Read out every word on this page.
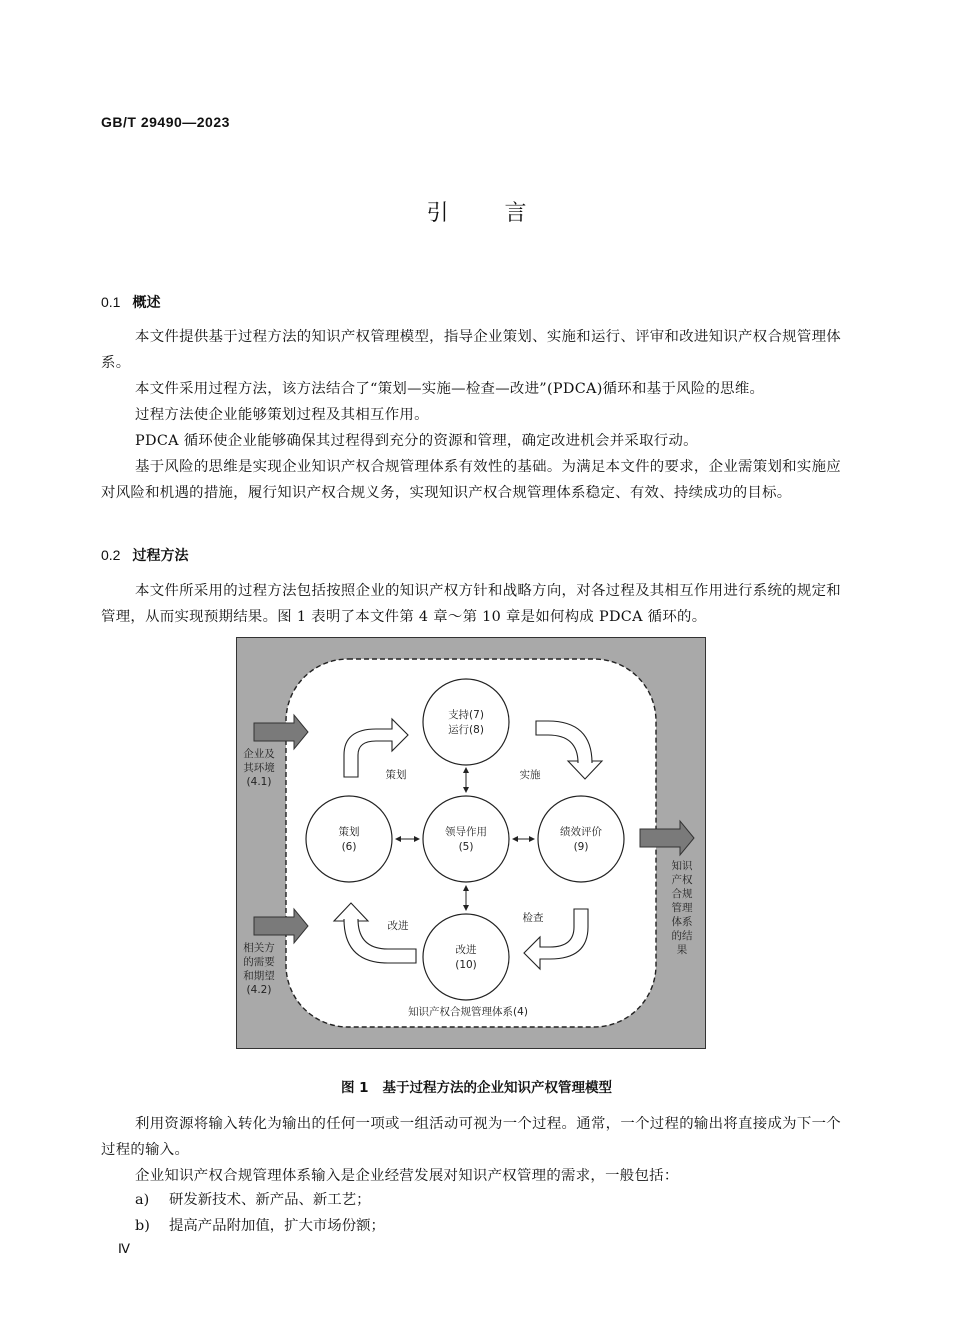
GB/T 29490—2023
引言
0.1 概述
本文件提供基于过程方法的知识产权管理模型，指导企业策划、实施和运行、评审和改进知识产权合规管理体系。
本文件采用过程方法，该方法结合了“策划—实施—检查—改进”(PDCA)循环和基于风险的思维。
过程方法使企业能够策划过程及其相互作用。
PDCA 循环使企业能够确保其过程得到充分的资源和管理，确定改进机会并采取行动。
基于风险的思维是实现企业知识产权合规管理体系有效性的基础。为满足本文件的要求，企业需策划和实施应对风险和机遇的措施，履行知识产权合规义务，实现知识产权合规管理体系稳定、有效、持续成功的目标。
0.2 过程方法
本文件所采用的过程方法包括按照企业的知识产权方针和战略方向，对各过程及其相互作用进行系统的规定和管理，从而实现预期结果。图 1 表明了本文件第 4 章～第 10 章是如何构成 PDCA 循环的。
企业及
其环境
(4.1)
相关方
的需要
和期望
(4.2)
知识
产权
合规
管理
体系
的结
果
支持(7)
运行(8)
策划
(6)
领导作用
(5)
绩效评价
(9)
改进
(10)
策划	实施
检查
改进
知识产权合规管理体系(4)
图 1 基于过程方法的企业知识产权管理模型
利用资源将输入转化为输出的任何一项或一组活动可视为一个过程。通常，一个过程的输出将直接成为下一个过程的输入。
企业知识产权合规管理体系输入是企业经营发展对知识产权管理的需求，一般包括：
a) 研发新技术、新产品、新工艺；
b) 提高产品附加值，扩大市场份额；
Ⅳ
